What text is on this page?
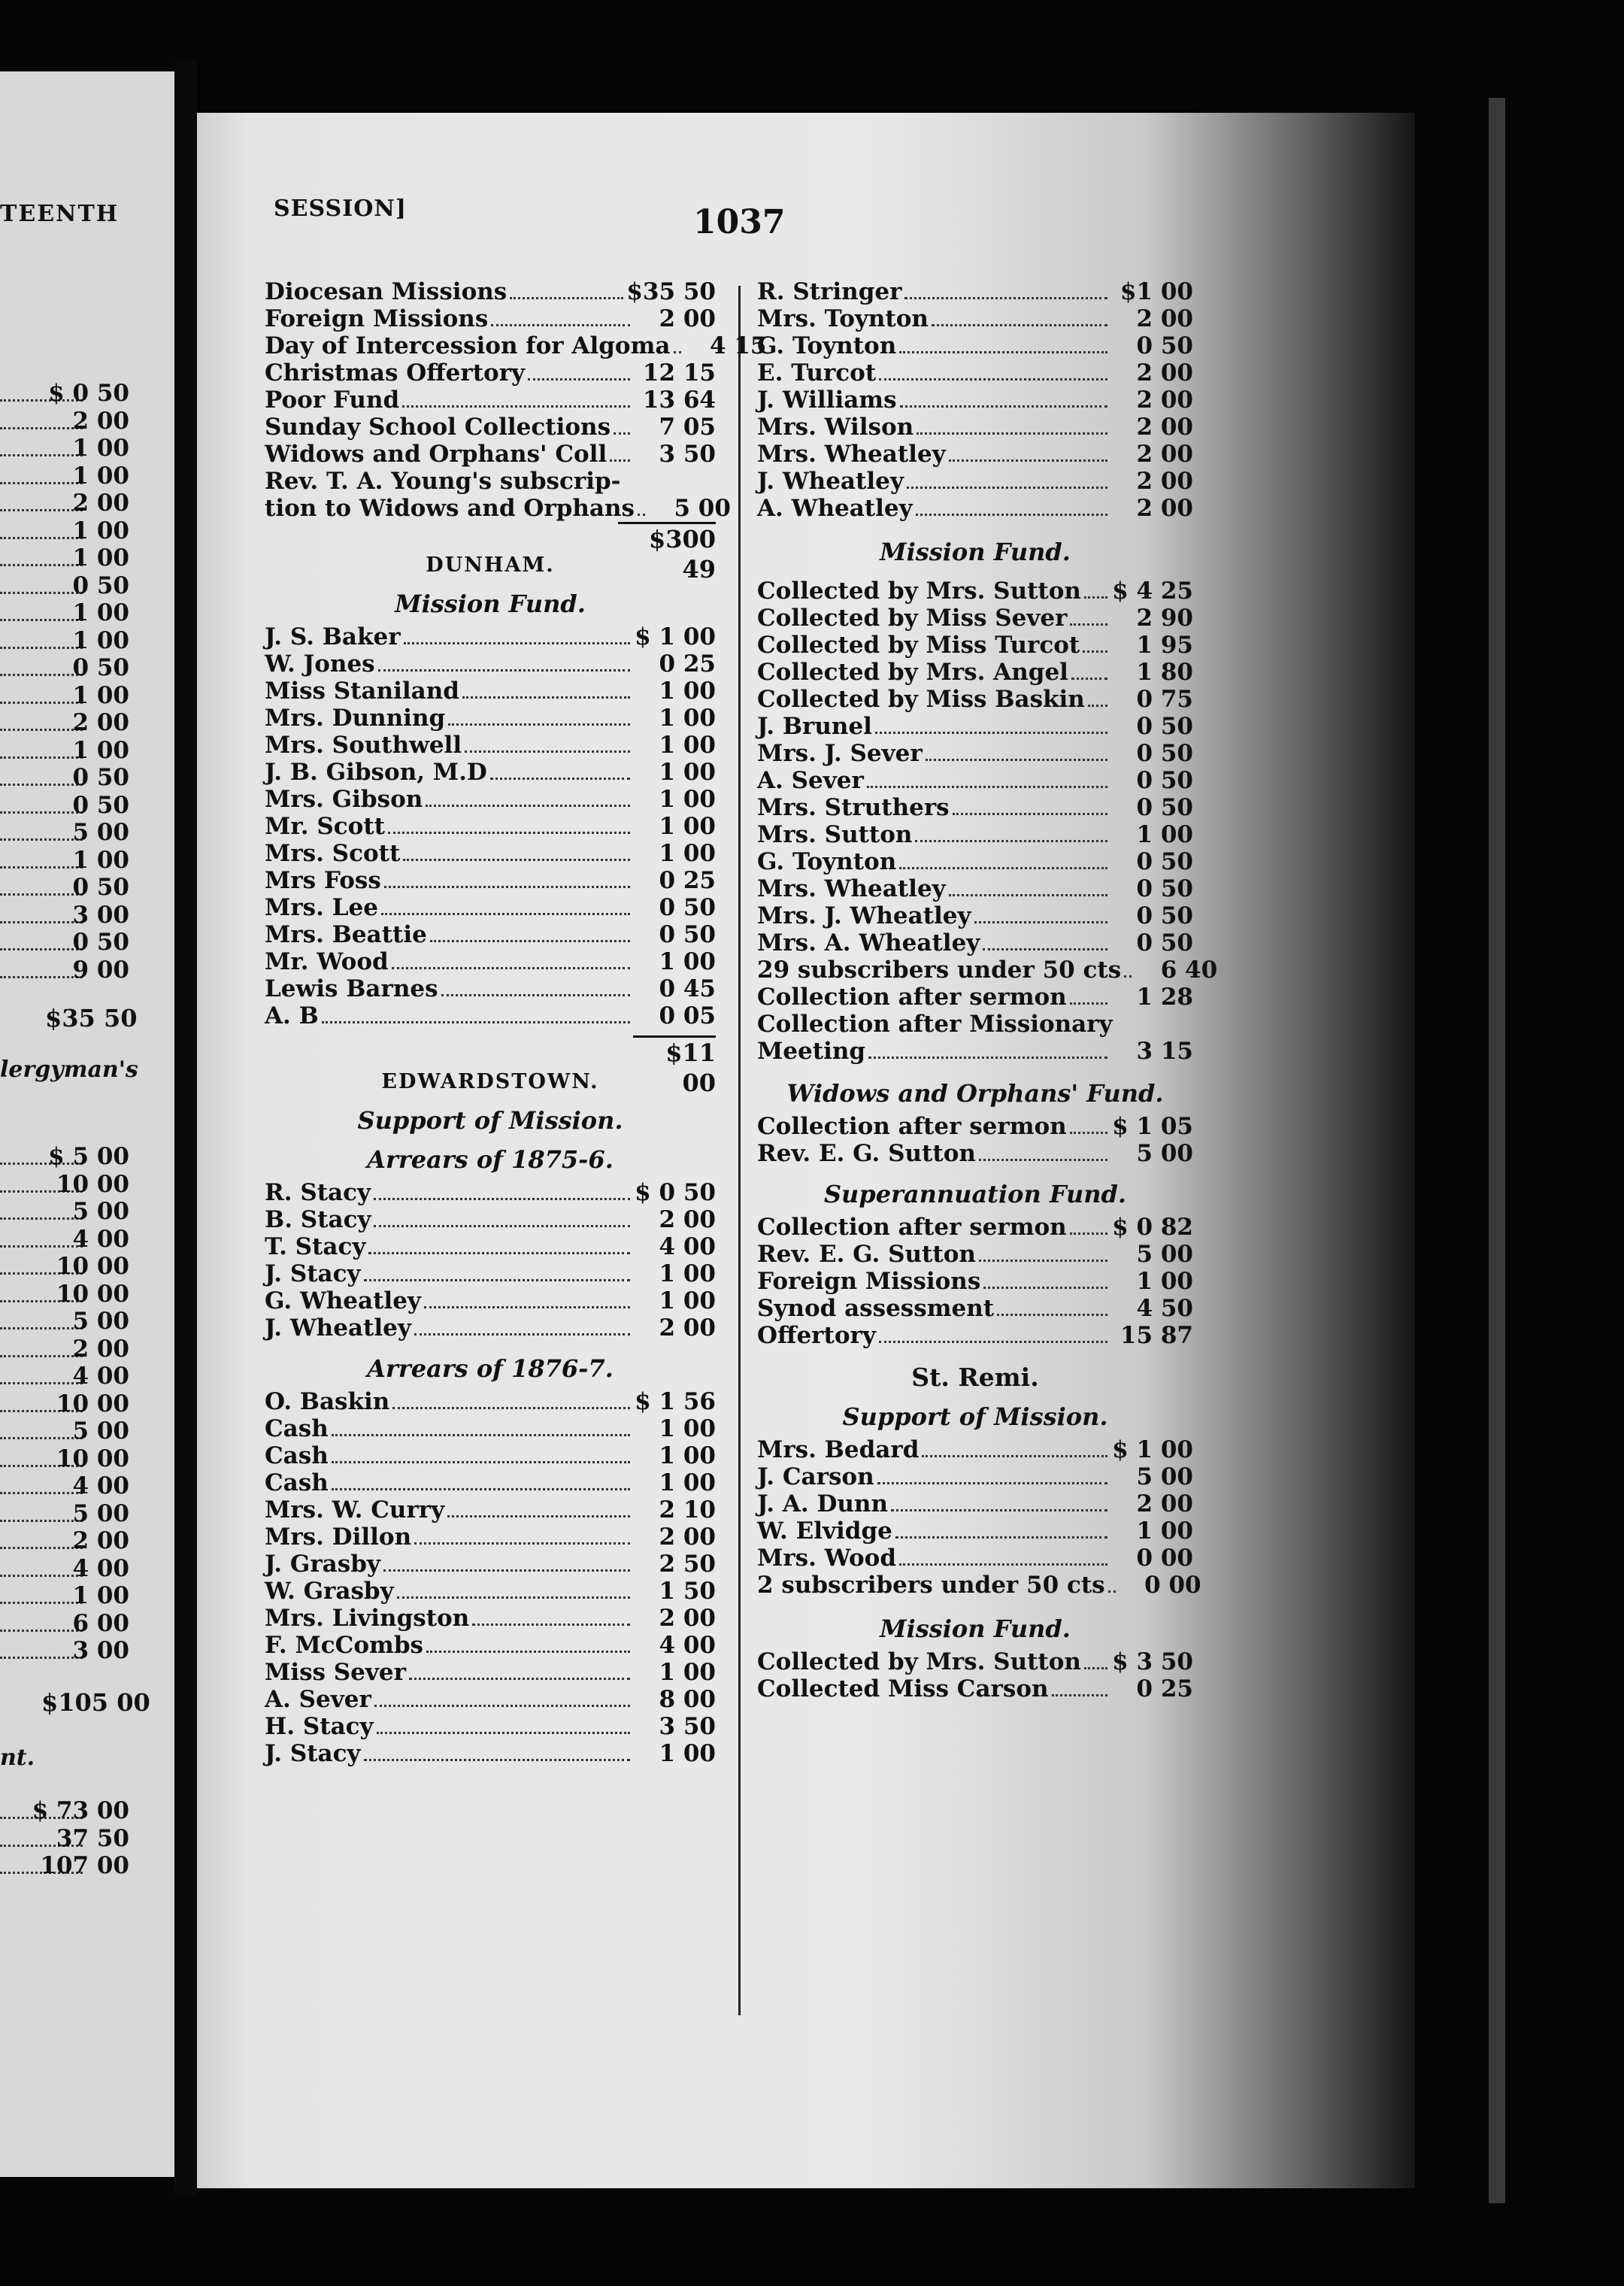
TEENTH
$ 0 50
2 00
1 00
1 00
2 00
1 00
1 00
0 50
1 00
1 00
0 50
1 00
2 00
1 00
0 50
0 50
5 00
1 00
0 50
3 00
0 50
9 00
$35 50
lergyman's
$ 5 00
10 00
5 00
4 00
10 00
10 00
5 00
2 00
4 00
10 00
5 00
10 00
4 00
5 00
2 00
4 00
1 00
6 00
3 00
$105 00
nt.
$ 73 00
37 50
107 00
SESSION]	1037
Diocesan Missions	$35 50
Foreign Missions	2 00
Day of Intercession for Algoma	4 15
Christmas Offertory	12 15
Poor Fund	13 64
Sunday School Collections	7 05
Widows and Orphans' Coll	3 50
Rev. T. A. Young's subscrip-
tion to Widows and Orphans	5 00
$300 49
DUNHAM.
Mission Fund.
J. S. Baker	$ 1 00
W. Jones	0 25
Miss Staniland	1 00
Mrs. Dunning	1 00
Mrs. Southwell	1 00
J. B. Gibson, M.D	1 00
Mrs. Gibson	1 00
Mr. Scott	1 00
Mrs. Scott	1 00
Mrs Foss	0 25
Mrs. Lee	0 50
Mrs. Beattie	0 50
Mr. Wood	1 00
Lewis Barnes	0 45
A. B	0 05
$11 00
EDWARDSTOWN.
Support of Mission.
Arrears of 1875-6.
R. Stacy	$ 0 50
B. Stacy	2 00
T. Stacy	4 00
J. Stacy	1 00
G. Wheatley	1 00
J. Wheatley	2 00
Arrears of 1876-7.
O. Baskin	$ 1 56
Cash	1 00
Cash	1 00
Cash	1 00
Mrs. W. Curry	2 10
Mrs. Dillon	2 00
J. Grasby	2 50
W. Grasby	1 50
Mrs. Livingston	2 00
F. McCombs	4 00
Miss Sever	1 00
A. Sever	8 00
H. Stacy	3 50
J. Stacy	1 00
R. Stringer	$1 00
Mrs. Toynton	2 00
G. Toynton	0 50
E. Turcot	2 00
J. Williams	2 00
Mrs. Wilson	2 00
Mrs. Wheatley	2 00
J. Wheatley	2 00
A. Wheatley	2 00
Mission Fund.
Collected by Mrs. Sutton $ 4 25
Collected by Miss Sever	2 90
Collected by Miss Turcot	1 95
Collected by Mrs. Angel	1 80
Collected by Miss Baskin	0 75
J. Brunel	0 50
Mrs. J. Sever	0 50
A. Sever	0 50
Mrs. Struthers	0 50
Mrs. Sutton	1 00
G. Toynton	0 50
Mrs. Wheatley	0 50
Mrs. J. Wheatley	0 50
Mrs. A. Wheatley	0 50
29 subscribers under 50 cts	6 40
Collection after sermon	1 28
Collection after Missionary
Meeting	3 15
Widows and Orphans' Fund.
Collection after sermon $ 1 05
Rev. E. G. Sutton	5 00
Superannuation Fund.
Collection after sermon $ 0 82
Rev. E. G. Sutton	5 00
Foreign Missions	1 00
Synod assessment	4 50
Offertory	15 87
St. Remi.
Support of Mission.
Mrs. Bedard	$ 1 00
J. Carson	5 00
J. A. Dunn	2 00
W. Elvidge	1 00
Mrs. Wood	0 00
2 subscribers under 50 cts	0 00
Mission Fund.
Collected by Mrs. Sutton $ 3 50
Collected Miss Carson	0 25
